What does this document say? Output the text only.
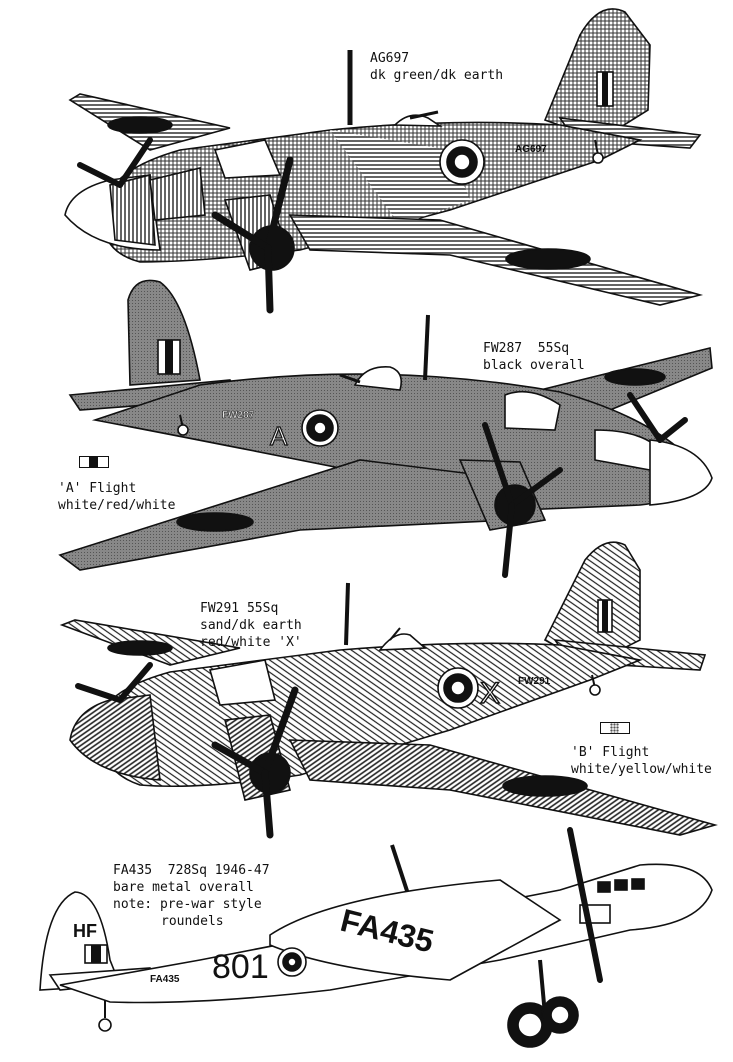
AG697
A
FW287
X FW291
801
FA435
HF	FA435
AG697
dk green/dk earth
FW287  55Sq
black overall
'A' Flight
white/red/white
FW291 55Sq
sand/dk earth
red/white 'X'
'B' Flight
white/yellow/white
FA435  728Sq 1946-47
bare metal overall
note: pre-war style
roundels
